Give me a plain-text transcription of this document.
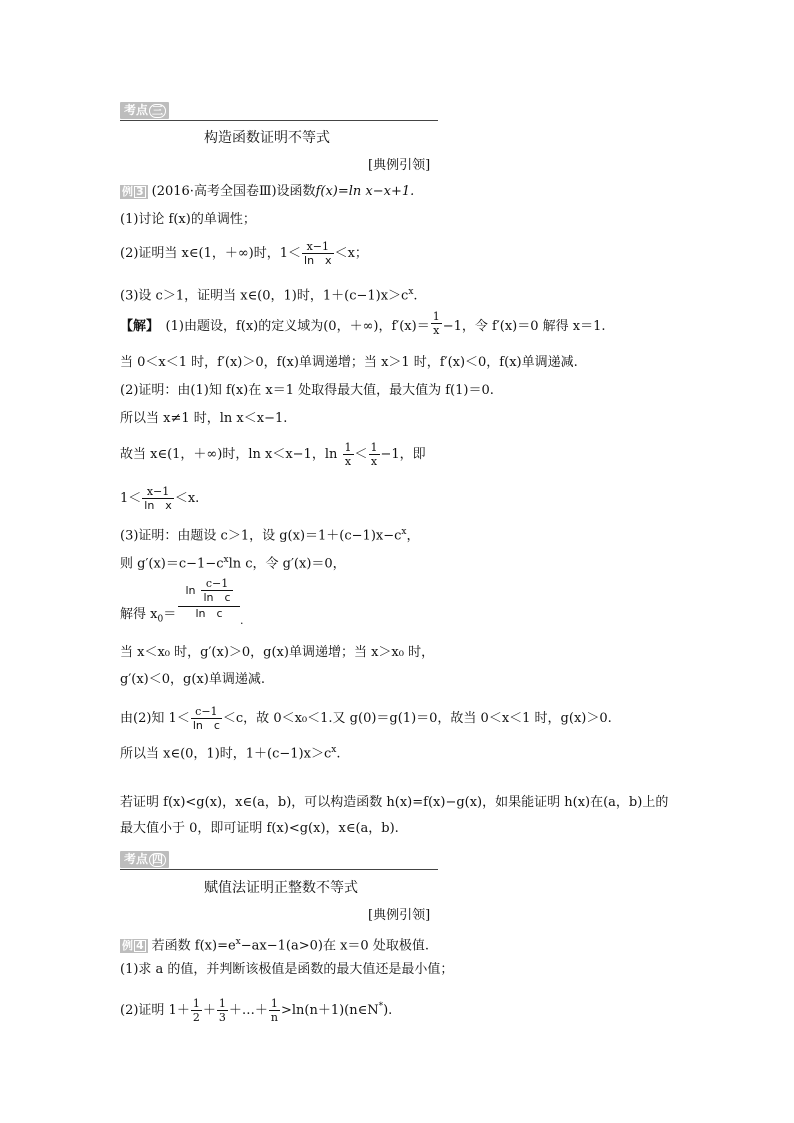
考点 三
构造函数证明不等式
[典例引领]
例 3 (2016·高考全国卷Ⅲ)设函数f(x)=ln x−x+1.
(1)讨论 f(x)的单调性；
(2)证明当 x∈(1，＋∞)时，$1< \frac{x-1}{\text{ln　x}} <x$；
(3)设 c＞1，证明当 x∈(0，1)时，$1+(c-1)x>c^x$.
【解】　 (1)由题设，f(x)的定义域为(0，＋∞)，$f'(x)= \frac{1}{x} -1$，令 f′(x)＝0 解得 x＝1.
当 0＜x＜1 时，f′(x)＞0，f(x)单调递增；当 x＞1 时，f′(x)＜0，f(x)单调递减.
(2)证明：由(1)知 f(x)在 x＝1 处取得最大值，最大值为 f(1)＝0.
所以当 x≠1 时，ln x＜x−1.
故当 x∈(1，＋∞)时，ln x＜x−1，$\ln \frac{1}{x} < \frac{1}{x} -1$，即
$1< \frac{x-1}{\text{ln　x}} <x$.
(3)证明：由题设 c＞1，设 $g(x)=1+(c-1)x-c^x$，
则 $g'(x)=c-1-c^x\ln$ c，令 g′(x)＝0，
解得 $x_0=$
$\ln \frac{c-1}{\text{ln　c}}$
ln　c
.
当 x＜x₀ 时，g′(x)＞0，g(x)单调递增；当 x＞x₀ 时，
g′(x)＜0，g(x)单调递减.
由(2)知 $1< \frac{c-1}{\text{ln　c}} <c$，故 0＜x₀＜1.又 g(0)＝g(1)＝0，故当 0＜x＜1 时，g(x)＞0.
所以当 x∈(0，1)时，$1+(c-1)x>c^x$.
若证明 f(x)<g(x)，x∈(a，b)，可以构造函数 h(x)=f(x)−g(x)，如果能证明 h(x)在(a，b)上的
最大值小于 0，即可证明 f(x)<g(x)，x∈(a，b).
考点 四
赋值法证明正整数不等式
[典例引领]
例 4 若函数 $f(x)=e^x-ax-1(a>0)$在 x＝0 处取极值.
(1)求 a 的值，并判断该极值是函数的最大值还是最小值；
(2)证明 $1+ \frac{1}{2} + \frac{1}{3}$ ＋…＋ $\frac{1}{n}$ >ln(n＋1)(n∈N*).
